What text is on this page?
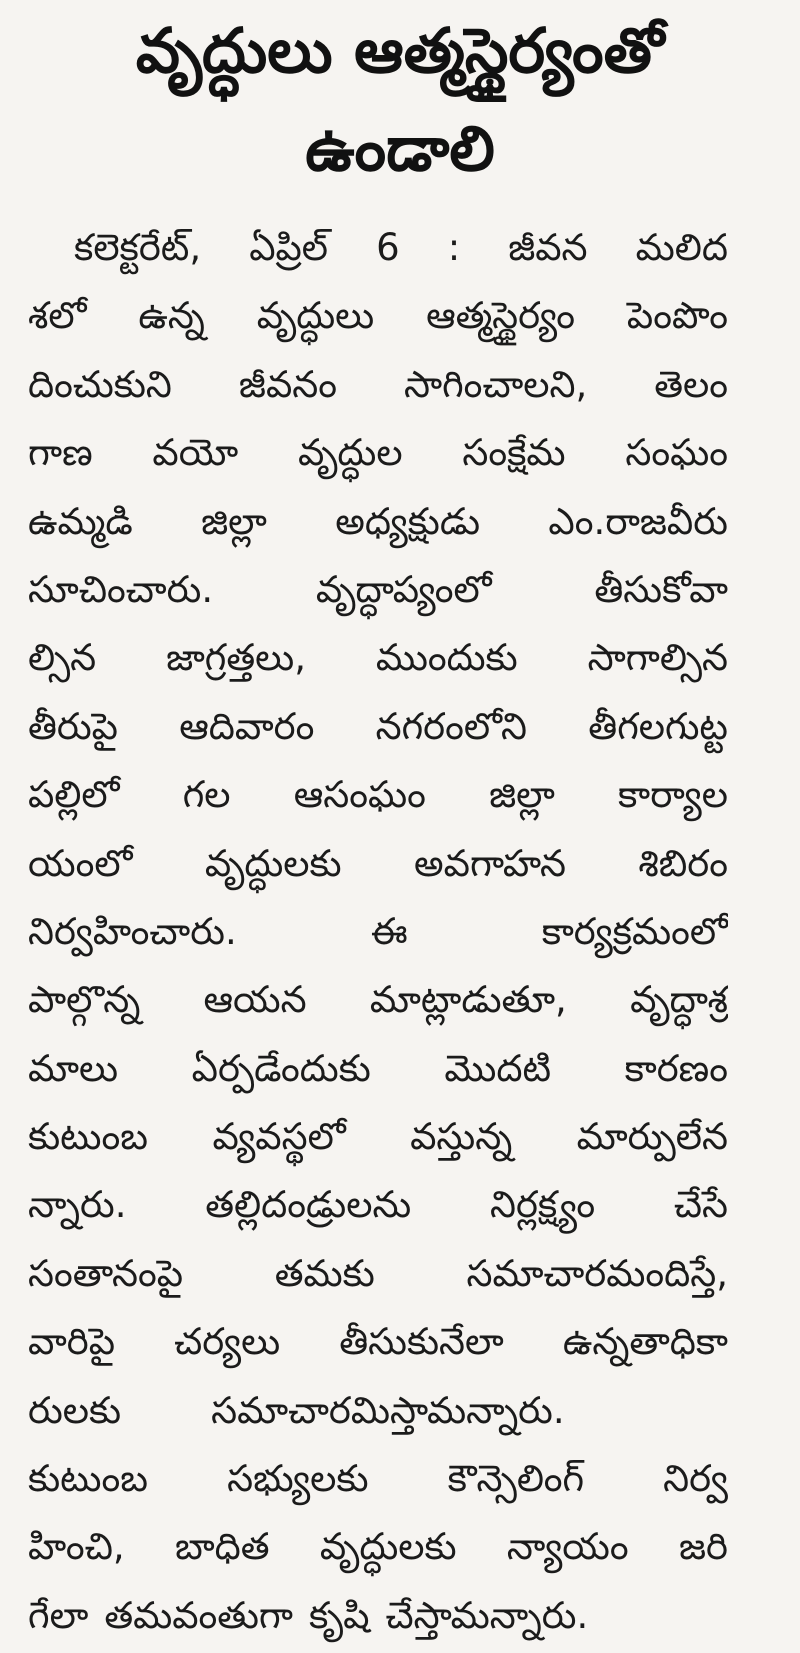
వృద్ధులు ఆత్మస్థైర్యంతో
ఉండాలి
కలెక్టరేట్, ఏప్రిల్ 6 : జీవన మలిద
శలో ఉన్న వృద్ధులు ఆత్మస్థైర్యం పెంపొం
దించుకుని జీవనం సాగించాలని, తెలం
గాణ వయో వృద్ధుల సంక్షేమ సంఘం
ఉమ్మడి జిల్లా అధ్యక్షుడు ఎం.రాజవీరు
సూచించారు.	వృద్ధాప్యంలో	తీసుకోవా
ల్సిన జాగ్రత్తలు, ముందుకు సాగాల్సిన
తీరుపై ఆదివారం నగరంలోని తీగలగుట్ట
పల్లిలో గల ఆసంఘం జిల్లా కార్యాల
యంలో వృద్ధులకు అవగాహన శిబిరం
నిర్వహించారు.	ఈ	కార్యక్రమంలో
పాల్గొన్న ఆయన మాట్లాడుతూ, వృద్ధాశ్ర
మాలు ఏర్పడేందుకు మొదటి కారణం
కుటుంబ వ్యవస్థలో వస్తున్న మార్పులేన
న్నారు. తల్లిదండ్రులను నిర్లక్ష్యం చేసే
సంతానంపై తమకు సమాచారమందిస్తే,
వారిపై చర్యలు తీసుకునేలా ఉన్నతాధికా
రులకు సమాచారమిస్తామన్నారు.
కుటుంబ సభ్యులకు కౌన్సెలింగ్ నిర్వ
హించి, బాధిత వృద్ధులకు న్యాయం జరి
గేలా తమవంతుగా కృషి చేస్తామన్నారు.
